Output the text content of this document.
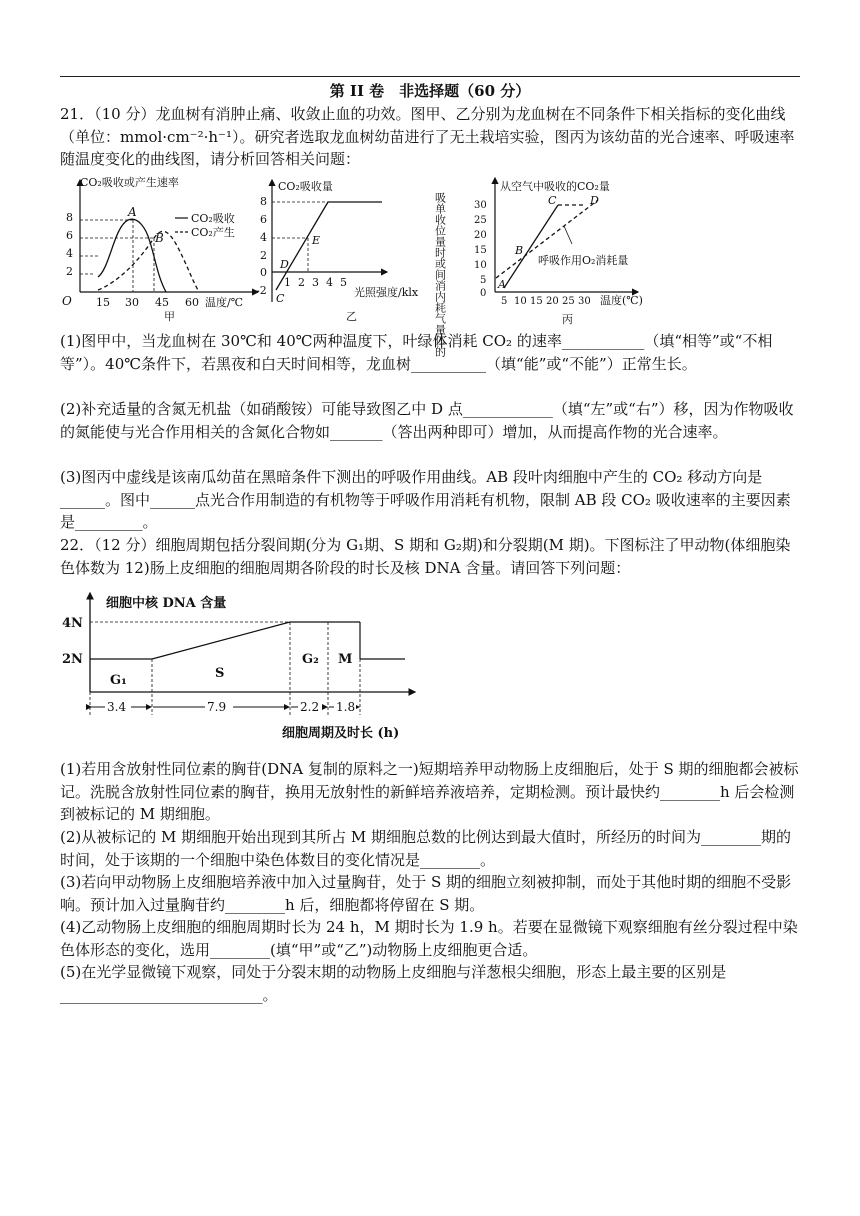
第 II 卷　非选择题（60 分）

21．（10 分）龙血树有消肿止痛、收敛止血的功效。图甲、乙分别为龙血树在不同条件下相关指标的变化曲线（单位：mmol·cm⁻²·h⁻¹）。研究者选取龙血树幼苗进行了无土栽培实验，图丙为该幼苗的光合速率、呼吸速率随温度变化的曲线图，请分析回答相关问题：

CO₂吸收或产生速率
O
2
4
6
8
15 30 45 60 温度/℃
甲
A
B
CO₂吸收
CO₂产生
CO₂吸收量
8
6
4
2
0
-2
1 2 3 4 5
光照强度/klx
乙
C
D
E	吸单收位量时或间消内耗气量体的
从空气中吸收的CO₂量
0
5
10
15
20
25
30
5 10 15 20 25 30 温度(℃)
丙
呼吸作用O₂消耗量
A
B
C	D

(1)图甲中，当龙血树在 30℃和 40℃两种温度下，叶绿体消耗 CO₂ 的速率___________（填“相等”或“不相等”）。40℃条件下，若黑夜和白天时间相等，龙血树__________（填“能”或“不能”）正常生长。

(2)补充适量的含氮无机盐（如硝酸铵）可能导致图乙中 D 点____________（填“左”或“右”）移，因为作物吸收的氮能使与光合作用相关的含氮化合物如_______（答出两种即可）增加，从而提高作物的光合速率。

(3)图丙中虚线是该南瓜幼苗在黑暗条件下测出的呼吸作用曲线。AB 段叶肉细胞中产生的 CO₂ 移动方向是______。图中______点光合作用制造的有机物等于呼吸作用消耗有机物，限制 AB 段 CO₂ 吸收速率的主要因素是_________。

22．（12 分）细胞周期包括分裂间期(分为 G₁期、S 期和 G₂期)和分裂期(M 期)。下图标注了甲动物(体细胞染色体数为 12)肠上皮细胞的细胞周期各阶段的时长及核 DNA 含量。请回答下列问题：

细胞中核 DNA 含量
4N
2N
G₁	S
G₂ M
3.4	7.9	2.2 1.8
细胞周期及时长 (h)

(1)若用含放射性同位素的胸苷(DNA 复制的原料之一)短期培养甲动物肠上皮细胞后，处于 S 期的细胞都会被标记。洗脱含放射性同位素的胸苷，换用无放射性的新鲜培养液培养，定期检测。预计最快约________h 后会检测到被标记的 M 期细胞。

(2)从被标记的 M 期细胞开始出现到其所占 M 期细胞总数的比例达到最大值时，所经历的时间为________期的时间，处于该期的一个细胞中染色体数目的变化情况是________。

(3)若向甲动物肠上皮细胞培养液中加入过量胸苷，处于 S 期的细胞立刻被抑制，而处于其他时期的细胞不受影响。预计加入过量胸苷约________h 后，细胞都将停留在 S 期。

(4)乙动物肠上皮细胞的细胞周期时长为 24 h，M 期时长为 1.9 h。若要在显微镜下观察细胞有丝分裂过程中染色体形态的变化，选用________(填“甲”或“乙”)动物肠上皮细胞更合适。

(5)在光学显微镜下观察，同处于分裂末期的动物肠上皮细胞与洋葱根尖细胞，形态上最主要的区别是___________________________。
